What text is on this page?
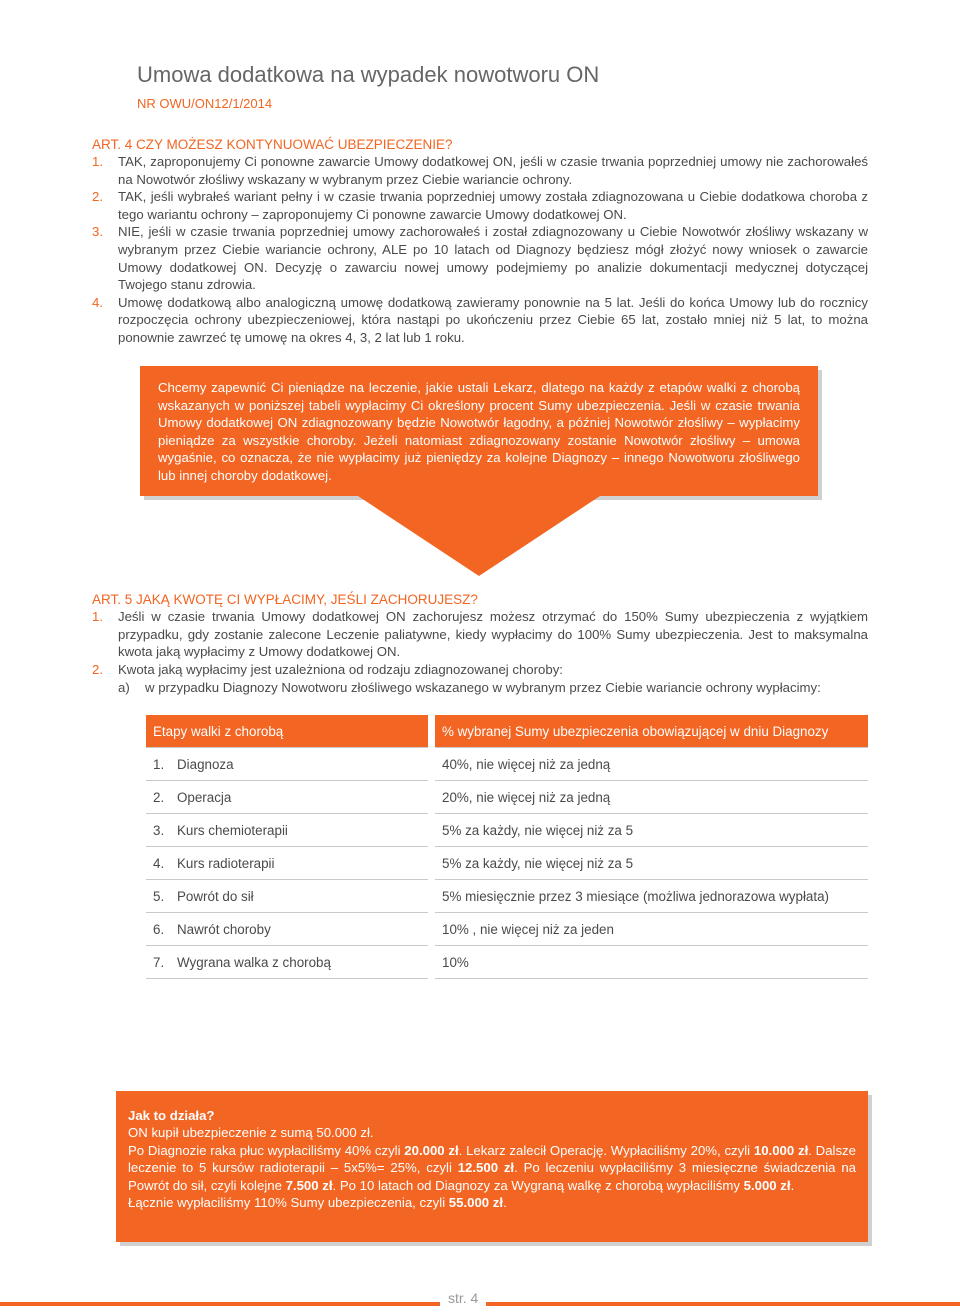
Umowa dodatkowa na wypadek nowotworu ON
NR OWU/ON12/1/2014
ART. 4 CZY MOŻESZ KONTYNUOWAĆ UBEZPIECZENIE?
1. TAK, zaproponujemy Ci ponowne zawarcie Umowy dodatkowej ON, jeśli w czasie trwania poprzedniej umowy nie zachorowałeś na Nowotwór złośliwy wskazany w wybranym przez Ciebie wariancie ochrony.
2. TAK, jeśli wybrałeś wariant pełny i w czasie trwania poprzedniej umowy została zdiagnozowana u Ciebie dodatkowa choroba z tego wariantu ochrony – zaproponujemy Ci ponowne zawarcie Umowy dodatkowej ON.
3. NIE, jeśli w czasie trwania poprzedniej umowy zachorowałeś i został zdiagnozowany u Ciebie Nowotwór złośliwy wskazany w wybranym przez Ciebie wariancie ochrony, ALE po 10 latach od Diagnozy będziesz mógł złożyć nowy wniosek o zawarcie Umowy dodatkowej ON. Decyzję o zawarciu nowej umowy podejmiemy po analizie dokumentacji medycznej dotyczącej Twojego stanu zdrowia.
4. Umowę dodatkową albo analogiczną umowę dodatkową zawieramy ponownie na 5 lat. Jeśli do końca Umowy lub do rocznicy rozpoczęcia ochrony ubezpieczeniowej, która nastąpi po ukończeniu przez Ciebie 65 lat, zostało mniej niż 5 lat, to można ponownie zawrzeć tę umowę na okres 4, 3, 2 lat lub 1 roku.

Chcemy zapewnić Ci pieniądze na leczenie, jakie ustali Lekarz, dlatego na każdy z etapów walki z chorobą wskazanych w poniższej tabeli wypłacimy Ci określony procent Sumy ubezpieczenia. Jeśli w czasie trwania Umowy dodatkowej ON zdiagnozowany będzie Nowotwór łagodny, a później Nowotwór złośliwy – wypłacimy pieniądze za wszystkie choroby. Jeżeli natomiast zdiagnozowany zostanie Nowotwór złośliwy – umowa wygaśnie, co oznacza, że nie wypłacimy już pieniędzy za kolejne Diagnozy – innego Nowotworu złośliwego lub innej choroby dodatkowej.

ART. 5 JAKĄ KWOTĘ CI WYPŁACIMY, JEŚLI ZACHORUJESZ?
1. Jeśli w czasie trwania Umowy dodatkowej ON zachorujesz możesz otrzymać do 150% Sumy ubezpieczenia z wyjątkiem przypadku, gdy zostanie zalecone Leczenie paliatywne, kiedy wypłacimy do 100% Sumy ubezpieczenia. Jest to maksymalna kwota jaką wypłacimy z Umowy dodatkowej ON.
2. Kwota jaką wypłacimy jest uzależniona od rodzaju zdiagnozowanej choroby:
a) w przypadku Diagnozy Nowotworu złośliwego wskazanego w wybranym przez Ciebie wariancie ochrony wypłacimy:
Etapy walki z chorobą	% wybranej Sumy ubezpieczenia obowiązującej w dniu Diagnozy
1. Diagnoza	40%, nie więcej niż za jedną
2. Operacja	20%, nie więcej niż za jedną
3. Kurs chemioterapii	5% za każdy, nie więcej niż za 5
4. Kurs radioterapii	5% za każdy, nie więcej niż za 5
5. Powrót do sił	5% miesięcznie przez 3 miesiące (możliwa jednorazowa wypłata)
6. Nawrót choroby	10% , nie więcej niż za jeden
7. Wygrana walka z chorobą	10%
Jak to działa?
ON kupił ubezpieczenie z sumą 50.000 zł.
Po Diagnozie raka płuc wypłaciliśmy 40% czyli 20.000 zł. Lekarz zalecił Operację. Wypłaciliśmy 20%, czyli 10.000 zł. Dalsze leczenie to 5 kursów radioterapii – 5x5%= 25%, czyli 12.500 zł. Po leczeniu wypłaciliśmy 3 miesięczne świadczenia na Powrót do sił, czyli kolejne 7.500 zł. Po 10 latach od Diagnozy za Wygraną walkę z chorobą wypłaciliśmy 5.000 zł.
Łącznie wypłaciliśmy 110% Sumy ubezpieczenia, czyli 55.000 zł.
str. 4
